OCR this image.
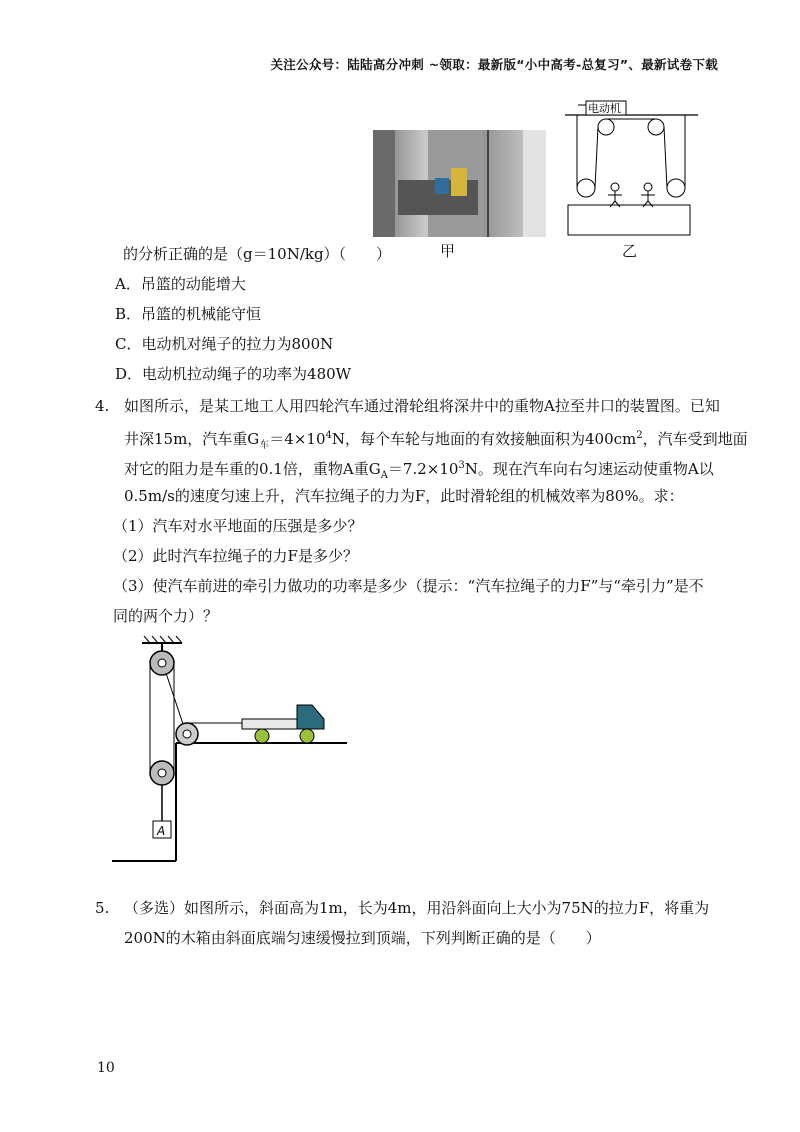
关注公众号：陆陆高分冲刺 ~领取：最新版“小中高考-总复习”、最新试卷下载
甲
电动机
乙
的分析正确的是（g＝10N/kg）（　　）
A．吊篮的动能增大
B．吊篮的机械能守恒
C．电动机对绳子的拉力为800N
D．电动机拉动绳子的功率为480W
4. 如图所示，是某工地工人用四轮汽车通过滑轮组将深井中的重物A拉至井口的装置图。已知
井深15m，汽车重$G_车=4\times 10^4N$，每个车轮与地面的有效接触面积为$400cm^2$，汽车受到地面
对它的阻力是车重的0.1倍，重物A重$G_A=7.2\times 10^3N$。现在汽车向右匀速运动使重物A以
0.5m/s的速度匀速上升，汽车拉绳子的力为F，此时滑轮组的机械效率为80%。求：
（1）汽车对水平地面的压强是多少？
（2）此时汽车拉绳子的力F是多少？
（3）使汽车前进的牵引力做功的功率是多少（提示：“汽车拉绳子的力F”与“牵引力”是不
同的两个力）？
A
5. （多选）如图所示，斜面高为1m，长为4m，用沿斜面向上大小为75N的拉力F，将重为
200N的木箱由斜面底端匀速缓慢拉到顶端，下列判断正确的是（　　）
10
